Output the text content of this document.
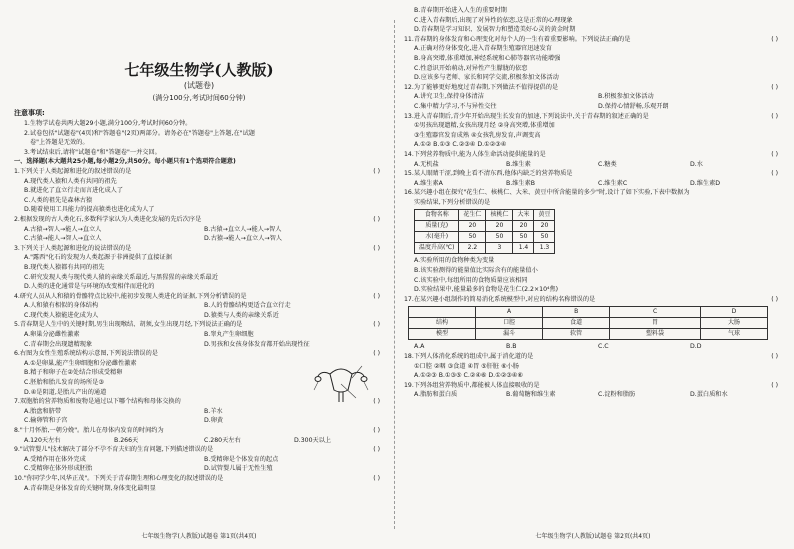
七年级生物学(人教版)
(试题卷)
(满分100分,考试时间60分钟)
注意事项:
1.生物学试卷共两大题29小题,满分100分,考试时间60分钟。
2.试卷包括"试题卷"(4页)和"答题卷"(2页)两部分。请务必在"答题卷"上答题,在"试题
卷"上答题是无效的。
3.考试结束后,请将"试题卷"和"答题卷"一并交回。
一、选择题(本大题共25小题,每小题2分,共50分。每小题只有1个选项符合题意)
1.下列关于人类起源和进化的叙述错误的是	( )
A.现代类人猿和人类有共同的祖先
B.就进化了直立行走而言进化成人了
C.人类的祖先是森林古猿
D.随着使用工具能力的提高猿类也进化成为人了
2.根据发现的古人类化石,多数科学家认为人类进化发展的先后次序是	( )
A.古猿→智人→能人→直立人	B.古猿→直立人→能人→智人
C.古猿→能人→智人→直立人	D.古猿→能人→直立人→智人
3.下列关于人类起源和进化的说法错误的是	( )
A."露西"化石的发现为人类起源于非洲提供了直接证据
B.现代类人猿都有共同的祖先
C.研究发现人类与现代类人猿的亲缘关系最近,与黑猩猩的亲缘关系最近
D.人类的进化通常是与环境的改变相伴而进化的
4.研究人员从人和猿的骨骼特点比较中,能初步发现人类进化的证据,下列分析错误的是	( )
A.人和猿有相似的身体结构	B.人的骨骼结构更适合直立行走
C.现代类人猿能进化成为人	D.猿类与人类的亲缘关系近
5.青春期是人生中的关键时期,男生出现喉结、胡须,女生出现月经,下列说法正确的是	( )
A.卵巢分泌雌性激素	B.睾丸产生卵细胞
C.青春期会出现遗精现象	D.男孩和女孩身体发育都开始出现性征
6.右图为女性生殖系统结构示意图,下列说法错误的是	( )
A.①是卵巢,能产生卵细胞和分泌雌性激素
B.精子和卵子在②处结合形成受精卵
C.胚胎和胎儿发育的场所是③
D.④是阴道,是胎儿产出的通道
7.双胞胎的营养物质和废物是通过以下哪个结构和母体交换的	( )
A.胎盘和脐带	B.羊水
C.输卵管和子宫	D.卵黄
8."十月怀胎,一朝分娩"。胎儿在母体内发育的时间约为	( )
A.120天左右	B.266天	C.280天左右	D.300天以上
9."试管婴儿"技术解决了部分不孕不育夫妇的生育问题,下列描述错误的是	( )
A.受精作用在体外完成	B.受精卵是个体发育的起点
C.受精卵在体外形成胚胎	D.试管婴儿属于无性生殖
10."你同学少年,风华正茂"。下列关于青春期生理和心理变化的叙述错误的是	( )
A.青春期是身体发育的关键时期,身体变化最明显
七年级生物学(人教版)试题卷 第1页(共4页)
B.青春期开始进入人生的重要时期
C.进入青春期后,出现了对异性的依恋,这是正常的心理现象
D.青春期是学习知识、发展智力和塑造美好心灵的黄金时期
11.青春期的身体发育和心理变化对每个人的一生有着重要影响。下列说法正确的是	( )
A.正确对待身体变化,进入青春期生殖器官迅速发育
B.身高突增,体重增加,神经系统和心肺等器官功能增强
C.性意识开始萌动,对异性产生朦胧的依恋
D.应该多与老师、家长和同学交流,积极参加文体活动
12.为了能够更好地度过青春期,下列做法不值得提倡的是	( )
A.讲究卫生,保持身体清洁	B.积极参加文体活动
C.集中精力学习,不与异性交往	D.保持心情舒畅,乐观开朗
13.进入青春期后,青少年开始出现生长发育的加速,下列说法中,关于青春期的叙述正确的是	( )
①男孩出现遗精,女孩出现月经 ②身高突增,体重增加
③生殖器官发育成熟 ④女孩乳房发育,声调变高
A.①② B.①③ C.②③④ D.①②③④
14.下列营养物质中,能为人体生命活动提供能量的是	( )
A.无机盐	B.维生素	C.糖类	D.水
15.某人眼睛干涩,到晚上看不清东西,他体内缺乏的营养物质是	( )
A.维生素A	B.维生素B	C.维生素C	D.维生素D
16.某兴趣小组在探究"花生仁、核桃仁、大米、黄豆中所含能量的多少"时,设计了如下实验,下表中数据为
实验结果,下列分析错误的是
食物名称	花生仁	核桃仁	大米	黄豆
质量(克)	20	20	20	20
水(毫升)	50	50	50	50
温度升高(℃)	2.2	3	1.4	1.3
A.实验所用的食物种类为变量
B.该实验测得的能量值比实际含有的能量值小
C.该实验中,每组所用的食物质量应该相同
D.实验结果中,能量最多的食物是花生仁(2.2×10⁴焦)
17.在某兴趣小组制作的简易消化系统模型中,对应的结构名称错误的是	( )
	A	B	C	D
结构	口腔	食道	胃	大肠
模型	漏斗	软管	塑料袋	气球
A.A	B.B	C.C	D.D
18.下列人体消化系统的组成中,属于消化道的是	( )
①口腔 ②咽 ③食道 ④胃 ⑤肝脏 ⑥小肠
A.①②③ B.①③⑤ C.②④⑥ D.①②③④⑥
19.下列各组营养物质中,都能被人体直接吸收的是	( )
A.脂肪和蛋白质	B.葡萄糖和维生素	C.淀粉和脂肪	D.蛋白质和水
七年级生物学(人教版)试题卷 第2页(共4页)
